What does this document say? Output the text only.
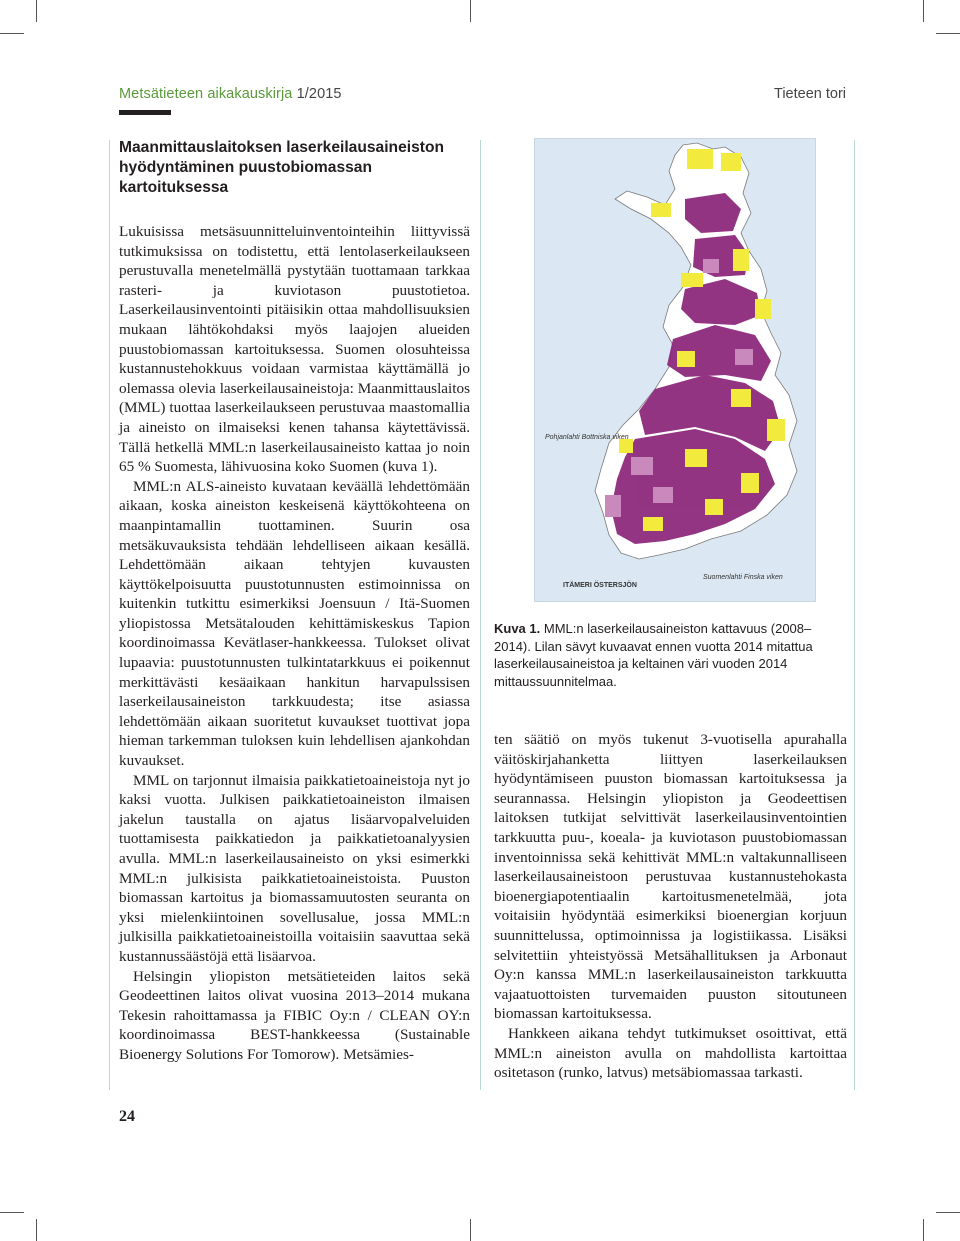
Metsätieteen aikakauskirja 1/2015	Tieteen tori
Maanmittauslaitoksen laserkeilausaineiston hyödyntäminen puustobiomassan kartoituksessa

Lukuisissa metsäsuunnitteluinventointeihin liittyvissä tutkimuksissa on todistettu, että lentolaserkeilaukseen perustuvalla menetelmällä pystytään tuottamaan tarkkaa rasteri- ja kuviotason puustotietoa. Laserkeilausinventointi pitäisikin ottaa mahdollisuuksien mukaan lähtökohdaksi myös laajojen alueiden puustobiomassan kartoituksessa. Suomen olosuhteissa kustannustehokkuus voidaan varmistaa käyttämällä jo olemassa olevia laserkeilausaineistoja: Maanmittauslaitos (MML) tuottaa laserkeilaukseen perustuvaa maastomallia ja aineisto on ilmaiseksi kenen tahansa käytettävissä. Tällä hetkellä MML:n laserkeilausaineisto kattaa jo noin 65 % Suomesta, lähivuosina koko Suomen (kuva 1).

MML:n ALS-aineisto kuvataan keväällä lehdettömään aikaan, koska aineiston keskeisenä käyttökohteena on maanpintamallin tuottaminen. Suurin osa metsäkuvauksista tehdään lehdelliseen aikaan kesällä. Lehdettömään aikaan tehtyjen kuvausten käyttökelpoisuutta puustotunnusten estimoinnissa on kuitenkin tutkittu esimerkiksi Joensuun / Itä-Suomen yliopistossa Metsätalouden kehittämiskeskus Tapion koordinoimassa Kevätlaser-hankkeessa. Tulokset olivat lupaavia: puustotunnusten tulkintatarkkuus ei poikennut merkittävästi kesäaikaan hankitun harvapulssisen laserkeilausaineiston tarkkuudesta; itse asiassa lehdettömään aikaan suoritetut kuvaukset tuottivat jopa hieman tarkemman tuloksen kuin lehdellisen ajankohdan kuvaukset.

MML on tarjonnut ilmaisia paikkatietoaineistoja nyt jo kaksi vuotta. Julkisen paikkatietoaineiston ilmaisen jakelun taustalla on ajatus lisäarvopalveluiden tuottamisesta paikkatiedon ja paikkatietoanalyysien avulla. MML:n laserkeilausaineisto on yksi esimerkki MML:n julkisista paikkatietoaineistoista. Puuston biomassan kartoitus ja biomassamuutosten seuranta on yksi mielenkiintoinen sovellusalue, jossa MML:n julkisilla paikkatietoaineistoilla voitaisiin saavuttaa sekä kustannussäästöjä että lisäarvoa.

Helsingin yliopiston metsätieteiden laitos sekä Geodeettinen laitos olivat vuosina 2013–2014 mukana Tekesin rahoittamassa ja FIBIC Oy:n / CLEAN OY:n koordinoimassa BEST-hankkeessa (Sustainable Bioenergy Solutions For Tomorow). Metsämies-

Pohjanlahti Bottniska viken
ITÄMERI ÖSTERSJÖN
Suomenlahti Finska viken
Kuva 1. MML:n laserkeilausaineiston kattavuus (2008–2014). Lilan sävyt kuvaavat ennen vuotta 2014 mitattua laserkeilausaineistoa ja keltainen väri vuoden 2014 mittaussuunnitelmaa.

ten säätiö on myös tukenut 3-vuotisella apurahalla väitöskirjahanketta liittyen laserkeilauksen hyödyntämiseen puuston biomassan kartoituksessa ja seurannassa. Helsingin yliopiston ja Geodeettisen laitoksen tutkijat selvittivät laserkeilausinventointien tarkkuutta puu-, koeala- ja kuviotason puustobiomassan inventoinnissa sekä kehittivät MML:n valtakunnalliseen laserkeilausaineistoon perustuvaa kustannustehokasta bioenergiapotentiaalin kartoitusmenetelmää, jota voitaisiin hyödyntää esimerkiksi bioenergian korjuun suunnittelussa, optimoinnissa ja logistiikassa. Lisäksi selvitettiin yhteistyössä Metsähallituksen ja Arbonaut Oy:n kanssa MML:n laserkeilausaineiston tarkkuutta vajaatuottoisten turvemaiden puuston sitoutuneen biomassan kartoituksessa.

Hankkeen aikana tehdyt tutkimukset osoittivat, että MML:n aineiston avulla on mahdollista kartoittaa ositetason (runko, latvus) metsäbiomassaa tarkasti.

24
